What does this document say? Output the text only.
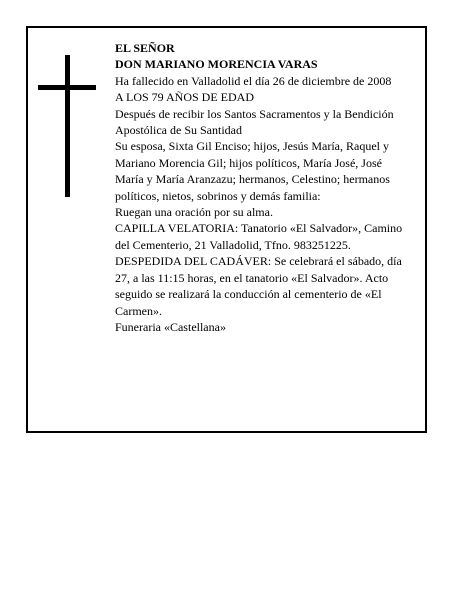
EL SEÑOR

DON MARIANO MORENCIA VARAS

Ha fallecido en Valladolid el día 26 de diciembre de 2008

A LOS 79 AÑOS DE EDAD

Después de recibir los Santos Sacramentos y la Bendición Apostólica de Su Santidad

Su esposa, Sixta Gil Enciso; hijos, Jesús María, Raquel y Mariano Morencia Gil; hijos políticos, María José, José María y María Aranzazu; hermanos, Celestino; hermanos políticos, nietos, sobrinos y demás familia:

Ruegan una oración por su alma.

CAPILLA VELATORIA: Tanatorio «El Salvador», Camino del Cementerio, 21 Valladolid, Tfno. 983251225.

DESPEDIDA DEL CADÁVER: Se celebrará el sábado, día 27, a las 11:15 horas, en el tanatorio «El Salvador». Acto seguido se realizará la conducción al cementerio de «El Carmen».

Funeraria «Castellana»
